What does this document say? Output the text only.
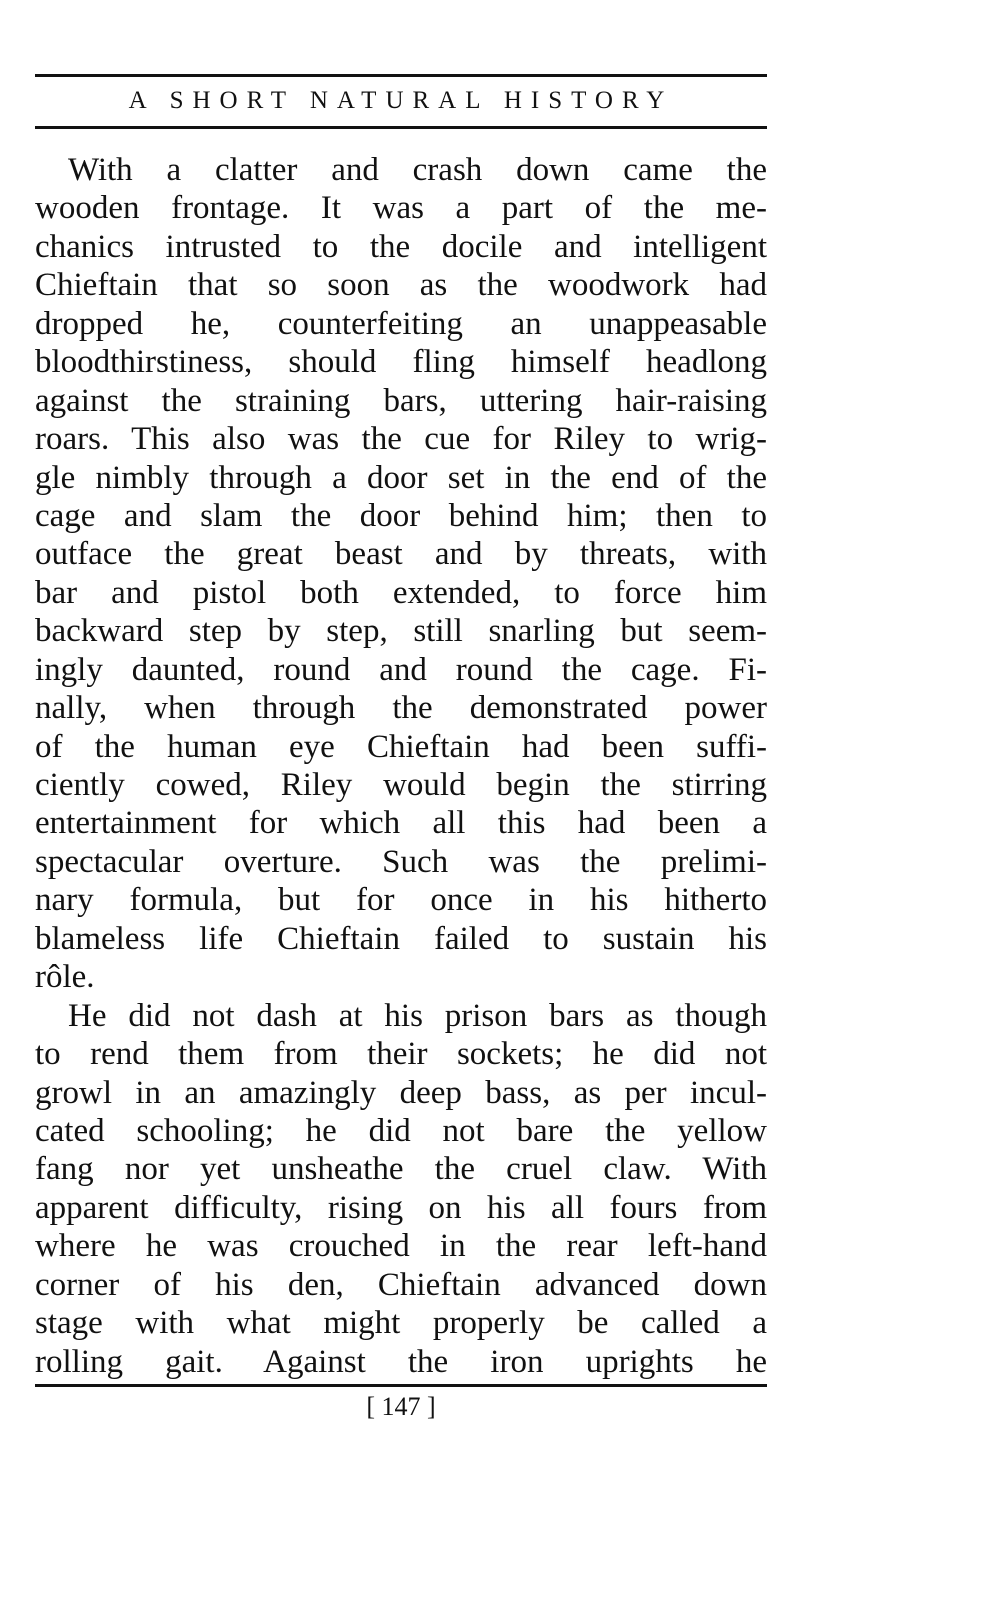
A SHORT NATURAL HISTORY
With a clatter and crash down came the
wooden frontage. It was a part of the me-
chanics intrusted to the docile and intelligent
Chieftain that so soon as the woodwork had
dropped he, counterfeiting an unappeasable
bloodthirstiness, should fling himself headlong
against the straining bars, uttering hair-raising
roars. This also was the cue for Riley to wrig-
gle nimbly through a door set in the end of the
cage and slam the door behind him; then to
outface the great beast and by threats, with
bar and pistol both extended, to force him
backward step by step, still snarling but seem-
ingly daunted, round and round the cage. Fi-
nally, when through the demonstrated power
of the human eye Chieftain had been suffi-
ciently cowed, Riley would begin the stirring
entertainment for which all this had been a
spectacular overture. Such was the prelimi-
nary formula, but for once in his hitherto
blameless life Chieftain failed to sustain his
rôle.
He did not dash at his prison bars as though
to rend them from their sockets; he did not
growl in an amazingly deep bass, as per incul-
cated schooling; he did not bare the yellow
fang nor yet unsheathe the cruel claw. With
apparent difficulty, rising on his all fours from
where he was crouched in the rear left-hand
corner of his den, Chieftain advanced down
stage with what might properly be called a
rolling gait. Against the iron uprights he
[ 147 ]
